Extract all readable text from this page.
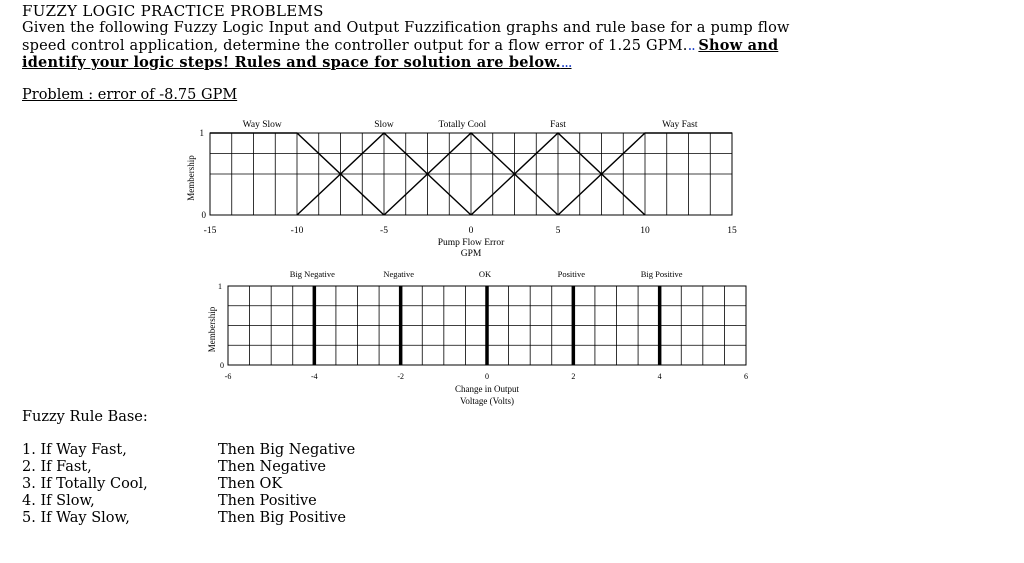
FUZZY LOGIC PRACTICE PROBLEMS
Given the following Fuzzy Logic Input and Output Fuzzification graphs and rule base for a pump flow
speed control application, determine the controller output for a flow error of 1.25 GPM... Show and
identify your logic steps! Rules and space for solution are below....
Problem : error of -8.75 GPM
Way Slow	Slow	Totally Cool	Fast	Way Fast
-15	-10	-5	0	5	10	15
1
0
Pump Flow Error
GPM
Membership
Big Negative	Negative	OK	Positive	Big Positive
-6	-4	-2	0	2	4	6
1
0
Change in Output
Voltage (Volts)
Membership
Fuzzy Rule Base:
1. If Way Fast,	Then Big Negative
2. If Fast,	Then Negative
3. If Totally Cool,	Then OK
4. If Slow,	Then Positive
5. If Way Slow,	Then Big Positive
